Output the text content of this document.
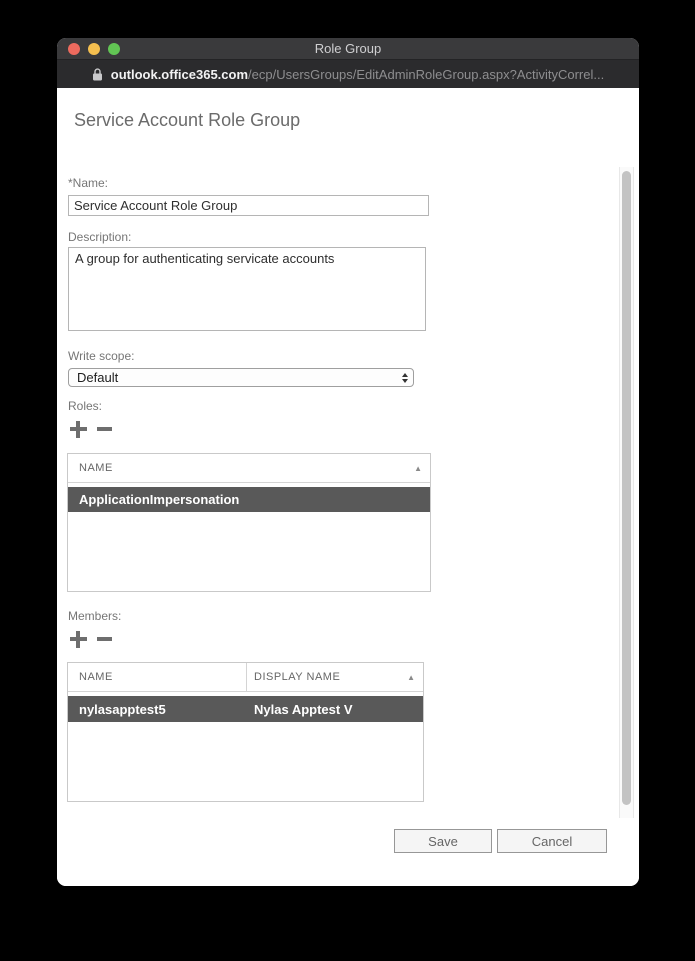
Role Group
outlook.office365.com /ecp/UsersGroups/EditAdminRoleGroup.aspx?ActivityCorrel...
Service Account Role Group
*Name:
Service Account Role Group
Description:
A group for authenticating servicate accounts
Write scope:
Default
Roles:
NAME	▲
ApplicationImpersonation
Members:
NAME	DISPLAY NAME	▲
nylasapptest5	Nylas Apptest V
Save	Cancel
